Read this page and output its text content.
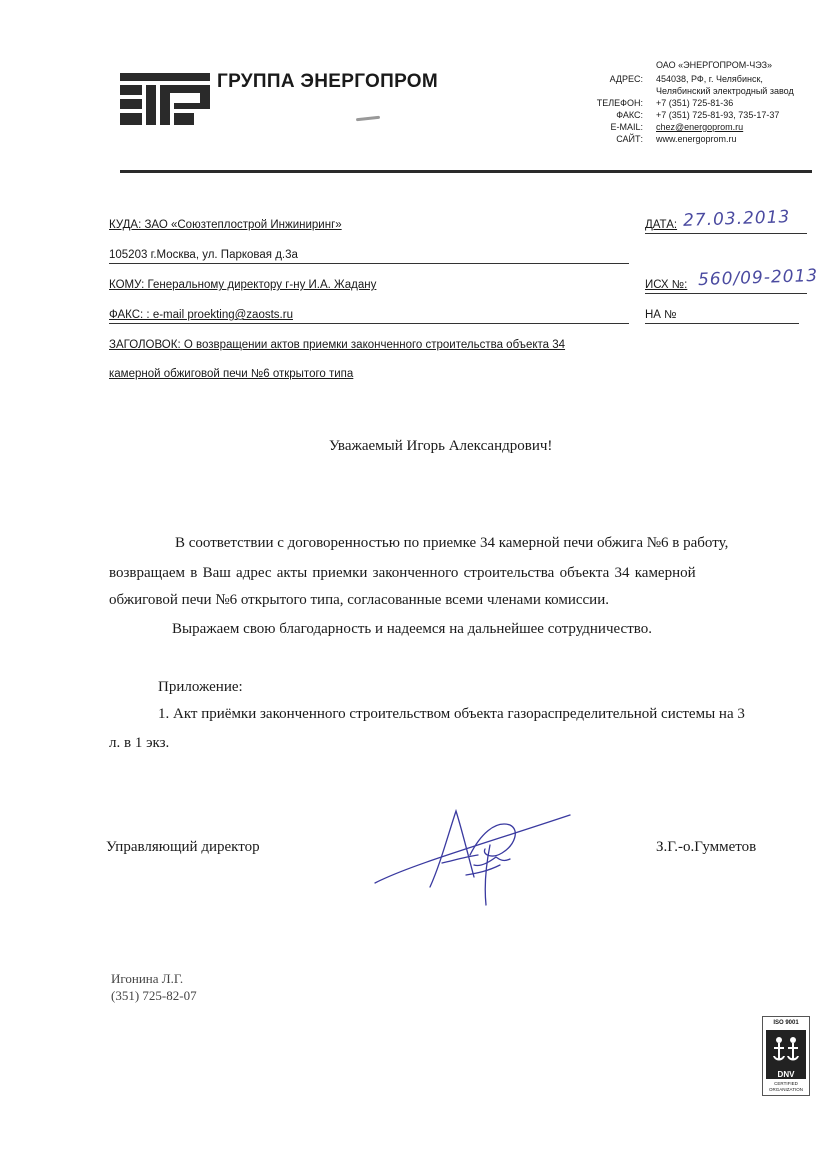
ГРУППА ЭНЕРГОПРОМ
ОАО «ЭНЕРГОПРОМ-ЧЭЗ»
АДРЕС: 454038, РФ, г. Челябинск,
Челябинский электродный завод
ТЕЛЕФОН: +7 (351) 725-81-36
ФАКС: +7 (351) 725-81-93, 735-17-37
E-MAIL: chez@energoprom.ru
САЙТ: www.energoprom.ru
КУДА: ЗАО «Союзтеплострой Инжиниринг»
105203 г.Москва, ул. Парковая д.3а
КОМУ: Генеральному директору г-ну И.А. Жадану
ФАКС: : e-mail proekting@zaosts.ru
ЗАГОЛОВОК: О возвращении актов приемки законченного строительства объекта 34
камерной обжиговой печи №6 открытого типа
ДАТА: 27.03.2013
ИСХ №: 560/09-2013
НА №
Уважаемый Игорь Александрович!
В соответствии с договоренностью по приемке 34 камерной печи обжига №6 в работу,
возвращаем в Ваш адрес акты приемки законченного строительства объекта 34 камерной
обжиговой печи №6 открытого типа, согласованные всеми членами комиссии.
Выражаем свою благодарность и надеемся на дальнейшее сотрудничество.
Приложение:
1. Акт приёмки законченного строительством объекта газораспределительной системы на 3
л. в 1 экз.
Управляющий директор	З.Г.-о.Гумметов
Игонина Л.Г.
(351) 725-82-07
ISO 9001
DNV
CERTIFIED
ORGANIZATION
